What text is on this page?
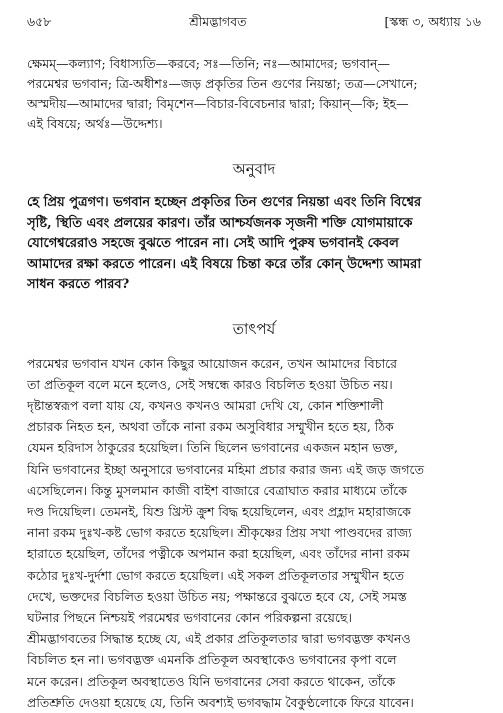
৬৫৮	শ্রীমদ্ভাগবত	[স্কন্ধ ৩, অধ্যায় ১৬
ক্ষেমম্—কল্যাণ; বিধাস্যতি—করবে; সঃ—তিনি; নঃ—আমাদের; ভগবান্—
পরমেশ্বর ভগবান; ত্রি-অধীশঃ—জড় প্রকৃতির তিন গুণের নিয়ন্তা; তত্র—সেখানে;
অস্মদীয়—আমাদের দ্বারা; বিমৃশেন—বিচার-বিবেচনার দ্বারা; কিয়ান্—কি; ইহ—
এই বিষয়ে; অর্থঃ—উদ্দেশ্য।
অনুবাদ
হে প্রিয় পুত্রগণ। ভগবান হচ্ছেন প্রকৃতির তিন গুণের নিয়ন্তা এবং তিনি বিশ্বের
সৃষ্টি, স্থিতি এবং প্রলয়ের কারণ। তাঁর আশ্চর্যজনক সৃজনী শক্তি যোগমায়াকে
যোগেশ্বরেরাও সহজে বুঝতে পারেন না। সেই আদি পুরুষ ভগবানই কেবল
আমাদের রক্ষা করতে পারেন। এই বিষয়ে চিন্তা করে তাঁর কোন্ উদ্দেশ্য আমরা
সাধন করতে পারব?
তাৎপর্য
পরমেশ্বর ভগবান যখন কোন কিছুর আয়োজন করেন, তখন আমাদের বিচারে
তা প্রতিকূল বলে মনে হলেও, সেই সম্বন্ধে কারও বিচলিত হওয়া উচিত নয়।
দৃষ্টান্তস্বরূপ বলা যায় যে, কখনও কখনও আমরা দেখি যে, কোন শক্তিশালী
প্রচারক নিহত হন, অথবা তাঁকে নানা রকম অসুবিধার সম্মুখীন হতে হয়, ঠিক
যেমন হরিদাস ঠাকুরের হয়েছিল। তিনি ছিলেন ভগবানের একজন মহান ভক্ত,
যিনি ভগবানের ইচ্ছা অনুসারে ভগবানের মহিমা প্রচার করার জন্য এই জড় জগতে
এসেছিলেন। কিন্তু মুসলমান কাজী বাইশ বাজারে বেত্রাঘাত করার মাধ্যমে তাঁকে
দণ্ড দিয়েছিল। তেমনই, যিশু খ্রিস্ট ক্রুশ বিদ্ধ হয়েছিলেন, এবং প্রহ্লাদ মহারাজকে
নানা রকম দুঃখ-কষ্ট ভোগ করতে হয়েছিল। শ্রীকৃষ্ণের প্রিয় সখা পাণ্ডবদের রাজ্য
হারাতে হয়েছিল, তাঁদের পত্নীকে অপমান করা হয়েছিল, এবং তাঁদের নানা রকম
কঠোর দুঃখ-দুর্দশা ভোগ করতে হয়েছিল। এই সকল প্রতিকূলতার সম্মুখীন হতে
দেখে, ভক্তদের বিচলিত হওয়া উচিত নয়; পক্ষান্তরে বুঝতে হবে যে, সেই সমস্ত
ঘটনার পিছনে নিশ্চয়ই পরমেশ্বর ভগবানের কোন পরিকল্পনা রয়েছে।
শ্রীমদ্ভাগবতের সিদ্ধান্ত হচ্ছে যে, এই প্রকার প্রতিকূলতার দ্বারা ভগবদ্ভক্ত কখনও
বিচলিত হন না। ভগবদ্ভক্ত এমনকি প্রতিকূল অবস্থাকেও ভগবানের কৃপা বলে
মনে করেন। প্রতিকূল অবস্থাতেও যিনি ভগবানের সেবা করতে থাকেন, তাঁকে
প্রতিশ্রুতি দেওয়া হয়েছে যে, তিনি অবশ্যই ভগবদ্ধাম বৈকুণ্ঠলোকে ফিরে যাবেন।
